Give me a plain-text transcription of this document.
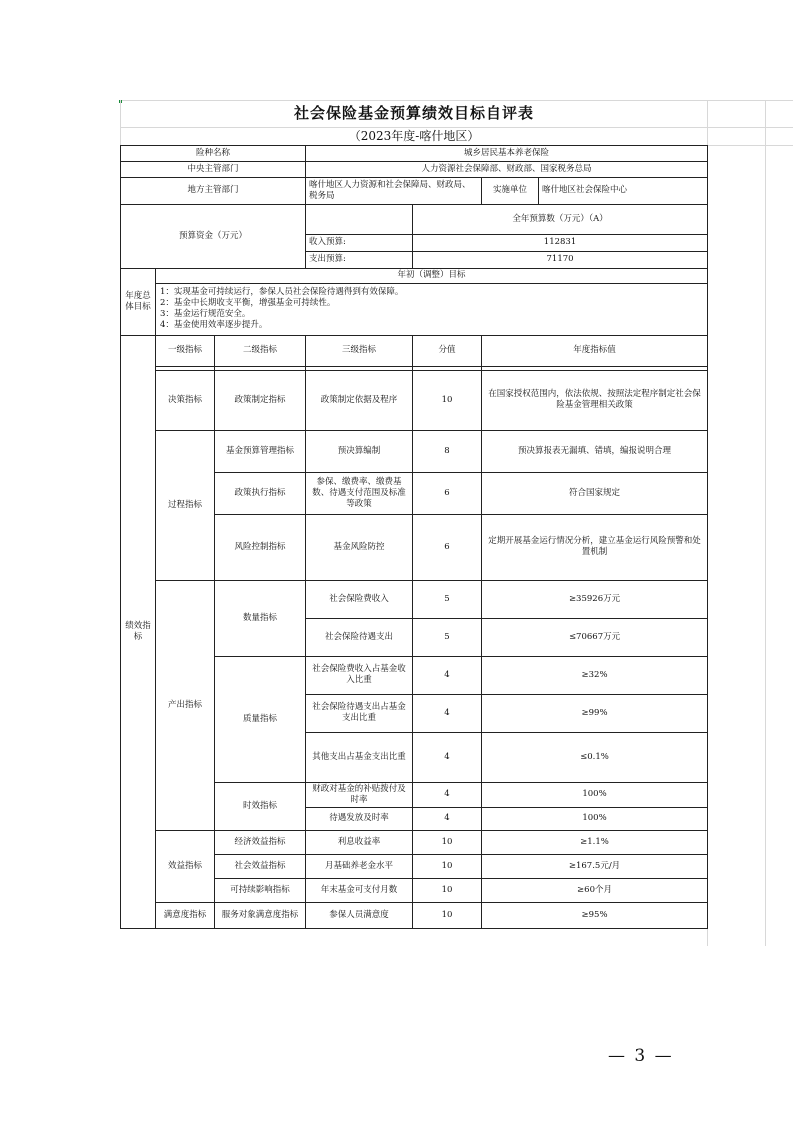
社会保险基金预算绩效目标自评表						
（2023年度-喀什地区）						
险种名称			城乡居民基本养老保险			
中央主管部门			人力资源社会保障部、财政部、国家税务总局			
地方主管部门			喀什地区人力资源和社会保障局、财政局、税务局		实施单位	喀什地区社会保险中心
预算资金（万元）				全年预算数（万元）（A）		
			收入预算:	112831		
			支出预算:	71170		
年度总体目标	年初（调整）目标					

	1：实现基金可持续运行，参保人员社会保险待遇得到有效保障。
2：基金中长期收支平衡，增强基金可持续性。
3：基金运行规范安全。
4：基金使用效率逐步提升。					

绩效指标	一级指标	二级指标	三级指标	分值	年度指标值	

	决策指标	政策制定指标	政策制定依据及程序	10	在国家授权范围内，依法依规、按照法定程序制定社会保险基金管理相关政策	
	过程指标	基金预算管理指标	预决算编制	8	预决算报表无漏填、错填，编报说明合理	
		政策执行指标	参保、缴费率、缴费基数、待遇支付范围及标准等政策	6	符合国家规定	
		风险控制指标	基金风险防控	6	定期开展基金运行情况分析，建立基金运行风险预警和处置机制	
	产出指标	数量指标	社会保险费收入	5	≥35926万元	
			社会保险待遇支出	5	≤70667万元	
		质量指标	社会保险费收入占基金收入比重	4	≥32%	
			社会保险待遇支出占基金支出比重	4	≥99%	
			其他支出占基金支出比重	4	≤0.1%	
		时效指标	财政对基金的补贴拨付及时率	4	100%	
			待遇发放及时率	4	100%	
	效益指标	经济效益指标	利息收益率	10	≥1.1%	
		社会效益指标	月基础养老金水平	10	≥167.5元/月	
		可持续影响指标	年末基金可支付月数	10	≥60个月	
	满意度指标	服务对象满意度指标	参保人员满意度	10	≥95%	
— 3 —
